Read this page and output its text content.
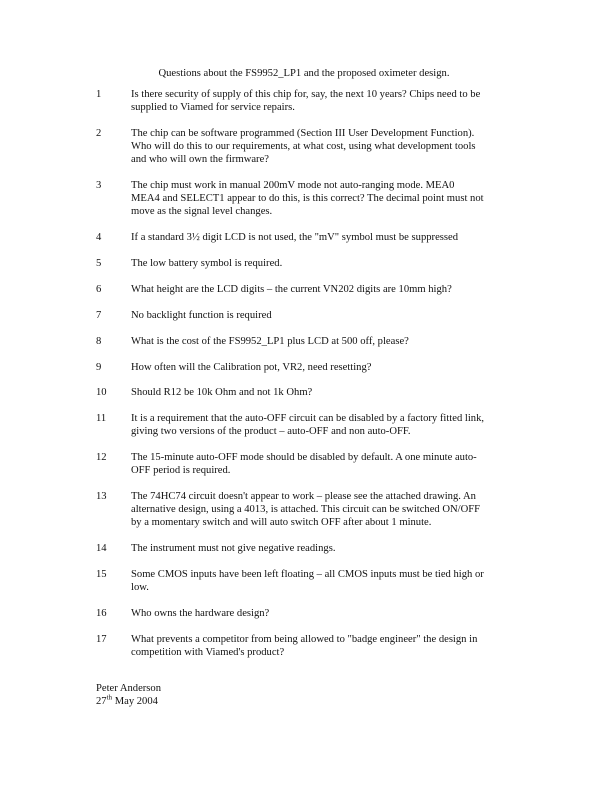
Questions about the FS9952_LP1 and the proposed oximeter design.
1	Is there security of supply of this chip for, say, the next 10 years? Chips need to be
supplied to Viamed for service repairs.
2	The chip can be software programmed (Section III User Development Function).
Who will do this to our requirements, at what cost, using what development tools
and who will own the firmware?
3	The chip must work in manual 200mV mode not auto-ranging mode. MEA0
MEA4 and SELECT1 appear to do this, is this correct? The decimal point must not
move as the signal level changes.
4	If a standard 3½ digit LCD is not used, the "mV" symbol must be suppressed
5	The low battery symbol is required.
6	What height are the LCD digits – the current VN202 digits are 10mm high?
7	No backlight function is required
8	What is the cost of the FS9952_LP1 plus LCD at 500 off, please?
9	How often will the Calibration pot, VR2, need resetting?
10 Should R12 be 10k Ohm and not 1k Ohm?
11 It is a requirement that the auto-OFF circuit can be disabled by a factory fitted link,
giving two versions of the product – auto-OFF and non auto-OFF.
12 The 15-minute auto-OFF mode should be disabled by default. A one minute auto-
OFF period is required.
13 The 74HC74 circuit doesn't appear to work – please see the attached drawing. An
alternative design, using a 4013, is attached. This circuit can be switched ON/OFF
by a momentary switch and will auto switch OFF after about 1 minute.
14 The instrument must not give negative readings.
15 Some CMOS inputs have been left floating – all CMOS inputs must be tied high or
low.
16 Who owns the hardware design?
17 What prevents a competitor from being allowed to "badge engineer" the design in
competition with Viamed's product?
Peter Anderson
27th May 2004
